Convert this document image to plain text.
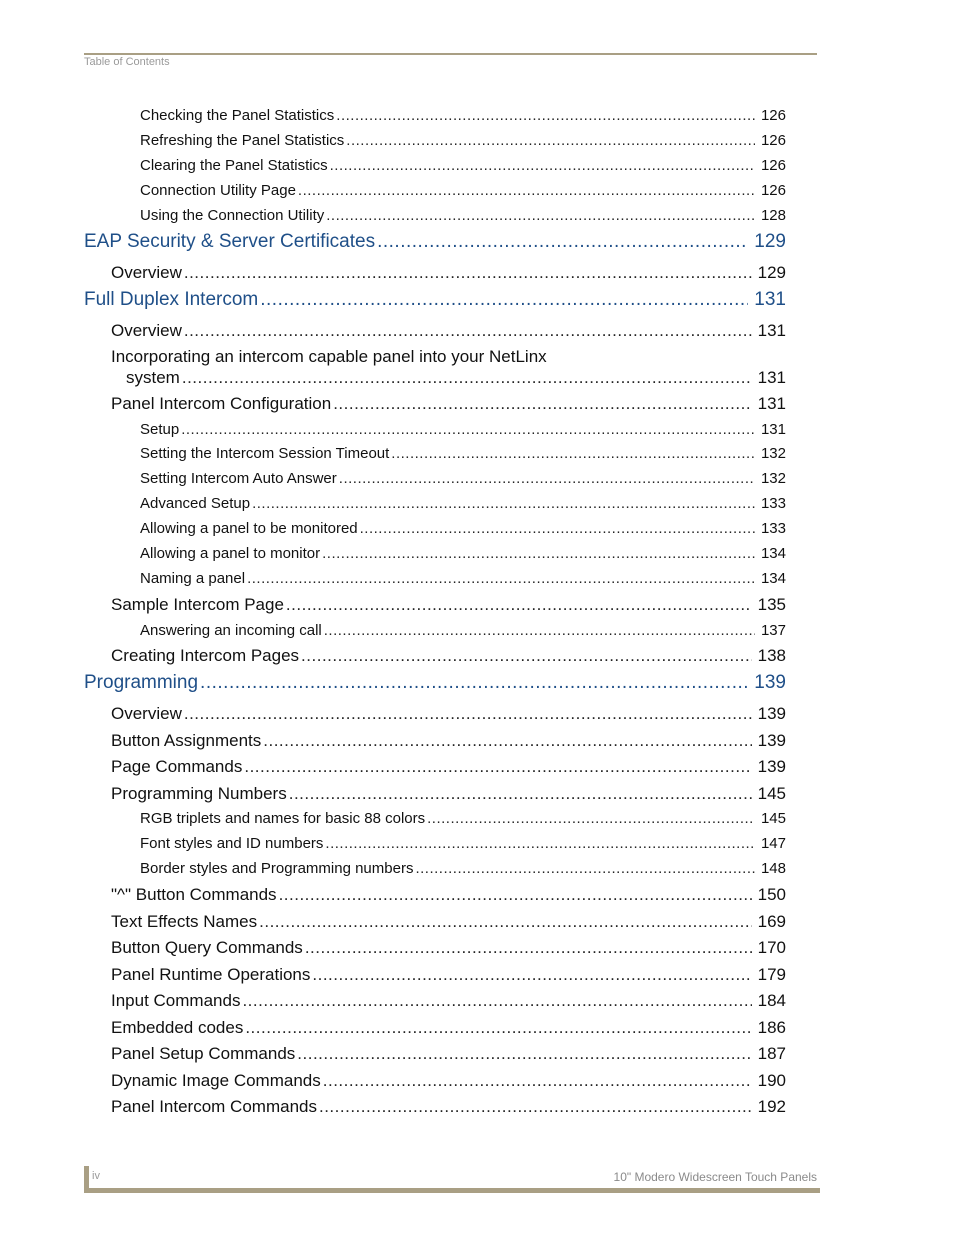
Table of Contents
Checking the Panel Statistics .....	126
Refreshing the Panel Statistics .....	126
Clearing the Panel Statistics .....	126
Connection Utility Page .....	126
Using the Connection Utility .....	128
EAP Security & Server Certificates .....	129
Overview .....	129
Full Duplex Intercom .....	131
Overview .....	131
Incorporating an intercom capable panel into your NetLinx
system .....	131
Panel Intercom Configuration .....	131
Setup .....	131
Setting the Intercom Session Timeout .....	132
Setting Intercom Auto Answer .....	132
Advanced Setup .....	133
Allowing a panel to be monitored .....	133
Allowing a panel to monitor .....	134
Naming a panel .....	134
Sample Intercom Page .....	135
Answering an incoming call .....	137
Creating Intercom Pages .....	138
Programming .....	139
Overview .....	139
Button Assignments .....	139
Page Commands .....	139
Programming Numbers .....	145
RGB triplets and names for basic 88 colors .....	145
Font styles and ID numbers .....	147
Border styles and Programming numbers .....	148
"^" Button Commands .....	150
Text Effects Names .....	169
Button Query Commands .....	170
Panel Runtime Operations .....	179
Input Commands .....	184
Embedded codes .....	186
Panel Setup Commands .....	187
Dynamic Image Commands .....	190
Panel Intercom Commands .....	192
iv	10" Modero Widescreen Touch Panels
